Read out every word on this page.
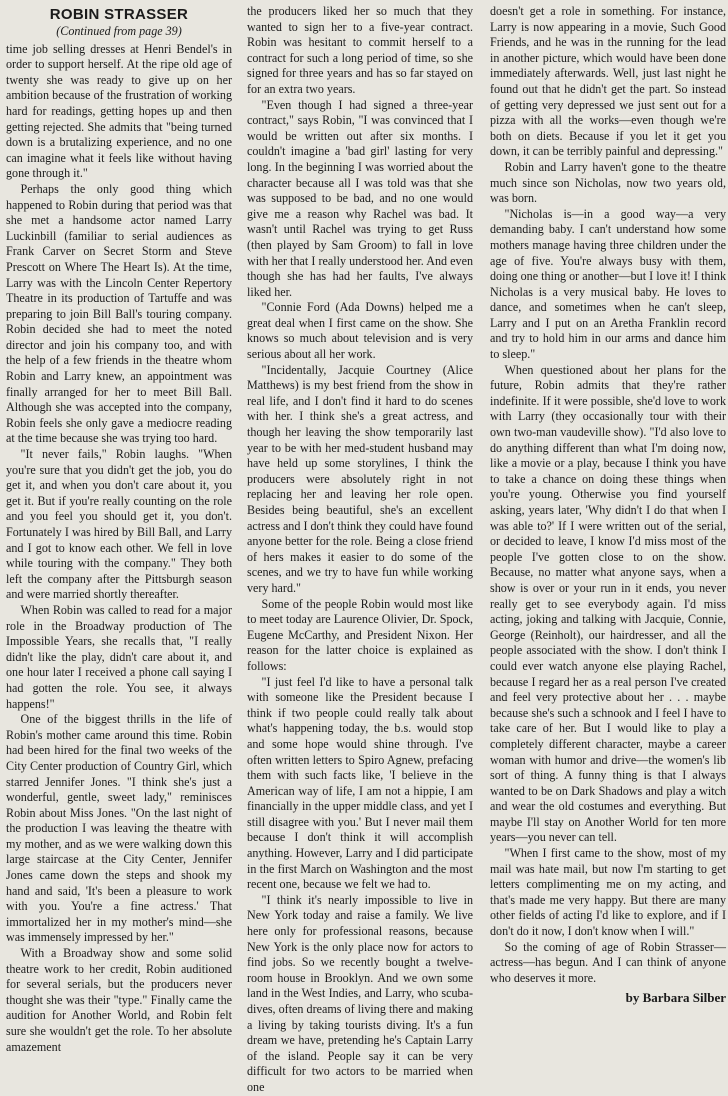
ROBIN STRASSER
(Continued from page 39)

time job selling dresses at Henri Bendel's in order to support herself. At the ripe old age of twenty she was ready to give up on her ambition because of the frustration of working hard for readings, getting hopes up and then getting rejected. She admits that "being turned down is a brutalizing experience, and no one can imagine what it feels like without having gone through it."

Perhaps the only good thing which happened to Robin during that period was that she met a handsome actor named Larry Luckinbill (familiar to serial audiences as Frank Carver on Secret Storm and Steve Prescott on Where The Heart Is). At the time, Larry was with the Lincoln Center Repertory Theatre in its production of Tartuffe and was preparing to join Bill Ball's touring company. Robin decided she had to meet the noted director and join his company too, and with the help of a few friends in the theatre whom Robin and Larry knew, an appointment was finally arranged for her to meet Bill Ball. Although she was accepted into the company, Robin feels she only gave a mediocre reading at the time because she was trying too hard.

"It never fails," Robin laughs. "When you're sure that you didn't get the job, you do get it, and when you don't care about it, you get it. But if you're really counting on the role and you feel you should get it, you don't. Fortunately I was hired by Bill Ball, and Larry and I got to know each other. We fell in love while touring with the company." They both left the company after the Pittsburgh season and were married shortly thereafter.

When Robin was called to read for a major role in the Broadway production of The Impossible Years, she recalls that, "I really didn't like the play, didn't care about it, and one hour later I received a phone call saying I had gotten the role. You see, it always happens!"

One of the biggest thrills in the life of Robin's mother came around this time. Robin had been hired for the final two weeks of the City Center production of Country Girl, which starred Jennifer Jones. "I think she's just a wonderful, gentle, sweet lady," reminisces Robin about Miss Jones. "On the last night of the production I was leaving the theatre with my mother, and as we were walking down this large staircase at the City Center, Jennifer Jones came down the steps and shook my hand and said, 'It's been a pleasure to work with you. You're a fine actress.' That immortalized her in my mother's mind—she was immensely impressed by her."

With a Broadway show and some solid theatre work to her credit, Robin auditioned for several serials, but the producers never thought she was their "type." Finally came the audition for Another World, and Robin felt sure she wouldn't get the role. To her absolute amazement

the producers liked her so much that they wanted to sign her to a five-year contract. Robin was hesitant to commit herself to a contract for such a long period of time, so she signed for three years and has so far stayed on for an extra two years.

"Even though I had signed a three-year contract," says Robin, "I was convinced that I would be written out after six months. I couldn't imagine a 'bad girl' lasting for very long. In the beginning I was worried about the character because all I was told was that she was supposed to be bad, and no one would give me a reason why Rachel was bad. It wasn't until Rachel was trying to get Russ (then played by Sam Groom) to fall in love with her that I really understood her. And even though she has had her faults, I've always liked her.

"Connie Ford (Ada Downs) helped me a great deal when I first came on the show. She knows so much about television and is very serious about all her work.

"Incidentally, Jacquie Courtney (Alice Matthews) is my best friend from the show in real life, and I don't find it hard to do scenes with her. I think she's a great actress, and though her leaving the show temporarily last year to be with her med-student husband may have held up some storylines, I think the producers were absolutely right in not replacing her and leaving her role open. Besides being beautiful, she's an excellent actress and I don't think they could have found anyone better for the role. Being a close friend of hers makes it easier to do some of the scenes, and we try to have fun while working very hard."

Some of the people Robin would most like to meet today are Laurence Olivier, Dr. Spock, Eugene McCarthy, and President Nixon. Her reason for the latter choice is explained as follows:

"I just feel I'd like to have a personal talk with someone like the President because I think if two people could really talk about what's happening today, the b.s. would stop and some hope would shine through. I've often written letters to Spiro Agnew, prefacing them with such facts like, 'I believe in the American way of life, I am not a hippie, I am financially in the upper middle class, and yet I still disagree with you.' But I never mail them because I don't think it will accomplish anything. However, Larry and I did participate in the first March on Washington and the most recent one, because we felt we had to.

"I think it's nearly impossible to live in New York today and raise a family. We live here only for professional reasons, because New York is the only place now for actors to find jobs. So we recently bought a twelve-room house in Brooklyn. And we own some land in the West Indies, and Larry, who scuba-dives, often dreams of living there and making a living by taking tourists diving. It's a fun dream we have, pretending he's Captain Larry of the island. People say it can be very difficult for two actors to be married when one

doesn't get a role in something. For instance, Larry is now appearing in a movie, Such Good Friends, and he was in the running for the lead in another picture, which would have been done immediately afterwards. Well, just last night he found out that he didn't get the part. So instead of getting very depressed we just sent out for a pizza with all the works—even though we're both on diets. Because if you let it get you down, it can be terribly painful and depressing."

Robin and Larry haven't gone to the theatre much since son Nicholas, now two years old, was born.

"Nicholas is—in a good way—a very demanding baby. I can't understand how some mothers manage having three children under the age of five. You're always busy with them, doing one thing or another—but I love it! I think Nicholas is a very musical baby. He loves to dance, and sometimes when he can't sleep, Larry and I put on an Aretha Franklin record and try to hold him in our arms and dance him to sleep."

When questioned about her plans for the future, Robin admits that they're rather indefinite. If it were possible, she'd love to work with Larry (they occasionally tour with their own two-man vaudeville show). "I'd also love to do anything different than what I'm doing now, like a movie or a play, because I think you have to take a chance on doing these things when you're young. Otherwise you find yourself asking, years later, 'Why didn't I do that when I was able to?' If I were written out of the serial, or decided to leave, I know I'd miss most of the people I've gotten close to on the show. Because, no matter what anyone says, when a show is over or your run in it ends, you never really get to see everybody again. I'd miss acting, joking and talking with Jacquie, Connie, George (Reinholt), our hairdresser, and all the people associated with the show. I don't think I could ever watch anyone else playing Rachel, because I regard her as a real person I've created and feel very protective about her . . . maybe because she's such a schnook and I feel I have to take care of her. But I would like to play a completely different character, maybe a career woman with humor and drive—the women's lib sort of thing. A funny thing is that I always wanted to be on Dark Shadows and play a witch and wear the old costumes and everything. But maybe I'll stay on Another World for ten more years—you never can tell.

"When I first came to the show, most of my mail was hate mail, but now I'm starting to get letters complimenting me on my acting, and that's made me very happy. But there are many other fields of acting I'd like to explore, and if I don't do it now, I don't know when I will."

So the coming of age of Robin Strasser—actress—has begun. And I can think of anyone who deserves it more.

by Barbara Silber
